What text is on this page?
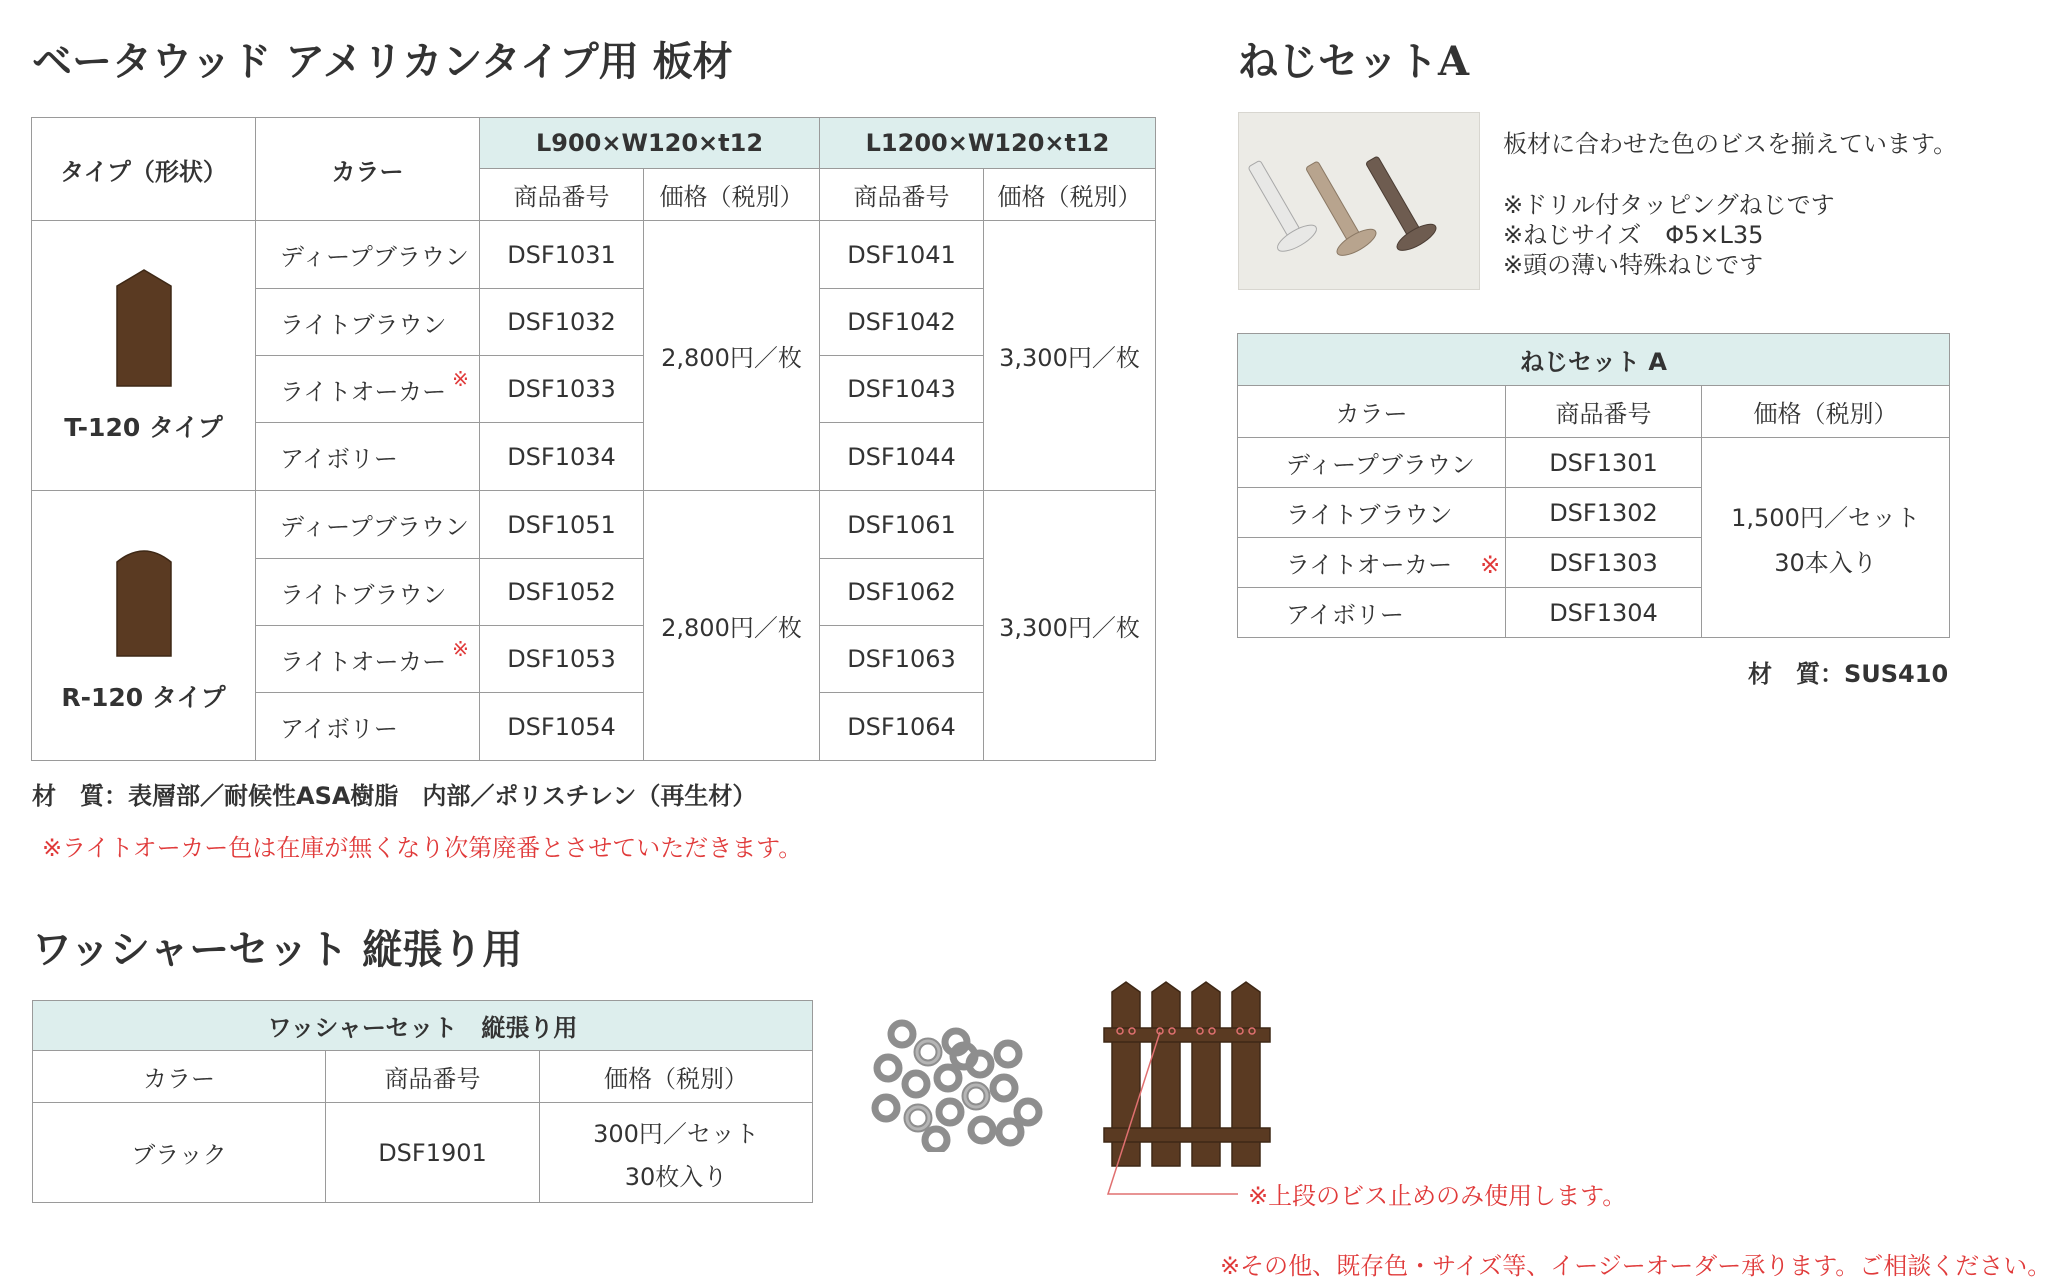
ベータウッド アメリカンタイプ用 板材
タイプ（形状）	カラー	L900×W120×t12		L1200×W120×t12	
		商品番号	価格（税別）	商品番号	価格（税別）

T-120 タイプ	ディープブラウン	DSF1031	2,800円／枚	DSF1041	3,300円／枚
	ライトブラウン	DSF1032		DSF1042	
	ライトオーカー ※	DSF1033		DSF1043	
	アイボリー	DSF1034		DSF1044	

R-120 タイプ	ディープブラウン	DSF1051	2,800円／枚	DSF1061	3,300円／枚
	ライトブラウン	DSF1052		DSF1062	
	ライトオーカー ※	DSF1053		DSF1063	
	アイボリー	DSF1054		DSF1064	
材　質：表層部／耐候性ASA樹脂　内部／ポリスチレン（再生材）
※ライトオーカー色は在庫が無くなり次第廃番とさせていただきます。
ねじセットA
板材に合わせた色のビスを揃えています。
※ドリル付タッピングねじです
※ねじサイズ　Φ5×L35
※頭の薄い特殊ねじです
ねじセット A		
カラー	商品番号	価格（税別）
ディープブラウン	DSF1301	1,500円／セット
30本入り

ライトブラウン	DSF1302	
ライトオーカー ※	DSF1303	
アイボリー	DSF1304	
材　質：SUS410
ワッシャーセット 縦張り用
ワッシャーセット　縦張り用		
カラー	商品番号	価格（税別）
ブラック	DSF1901	300円／セット
30枚入り
※上段のビス止めのみ使用します。
※その他、既存色・サイズ等、イージーオーダー承ります。ご相談ください。
